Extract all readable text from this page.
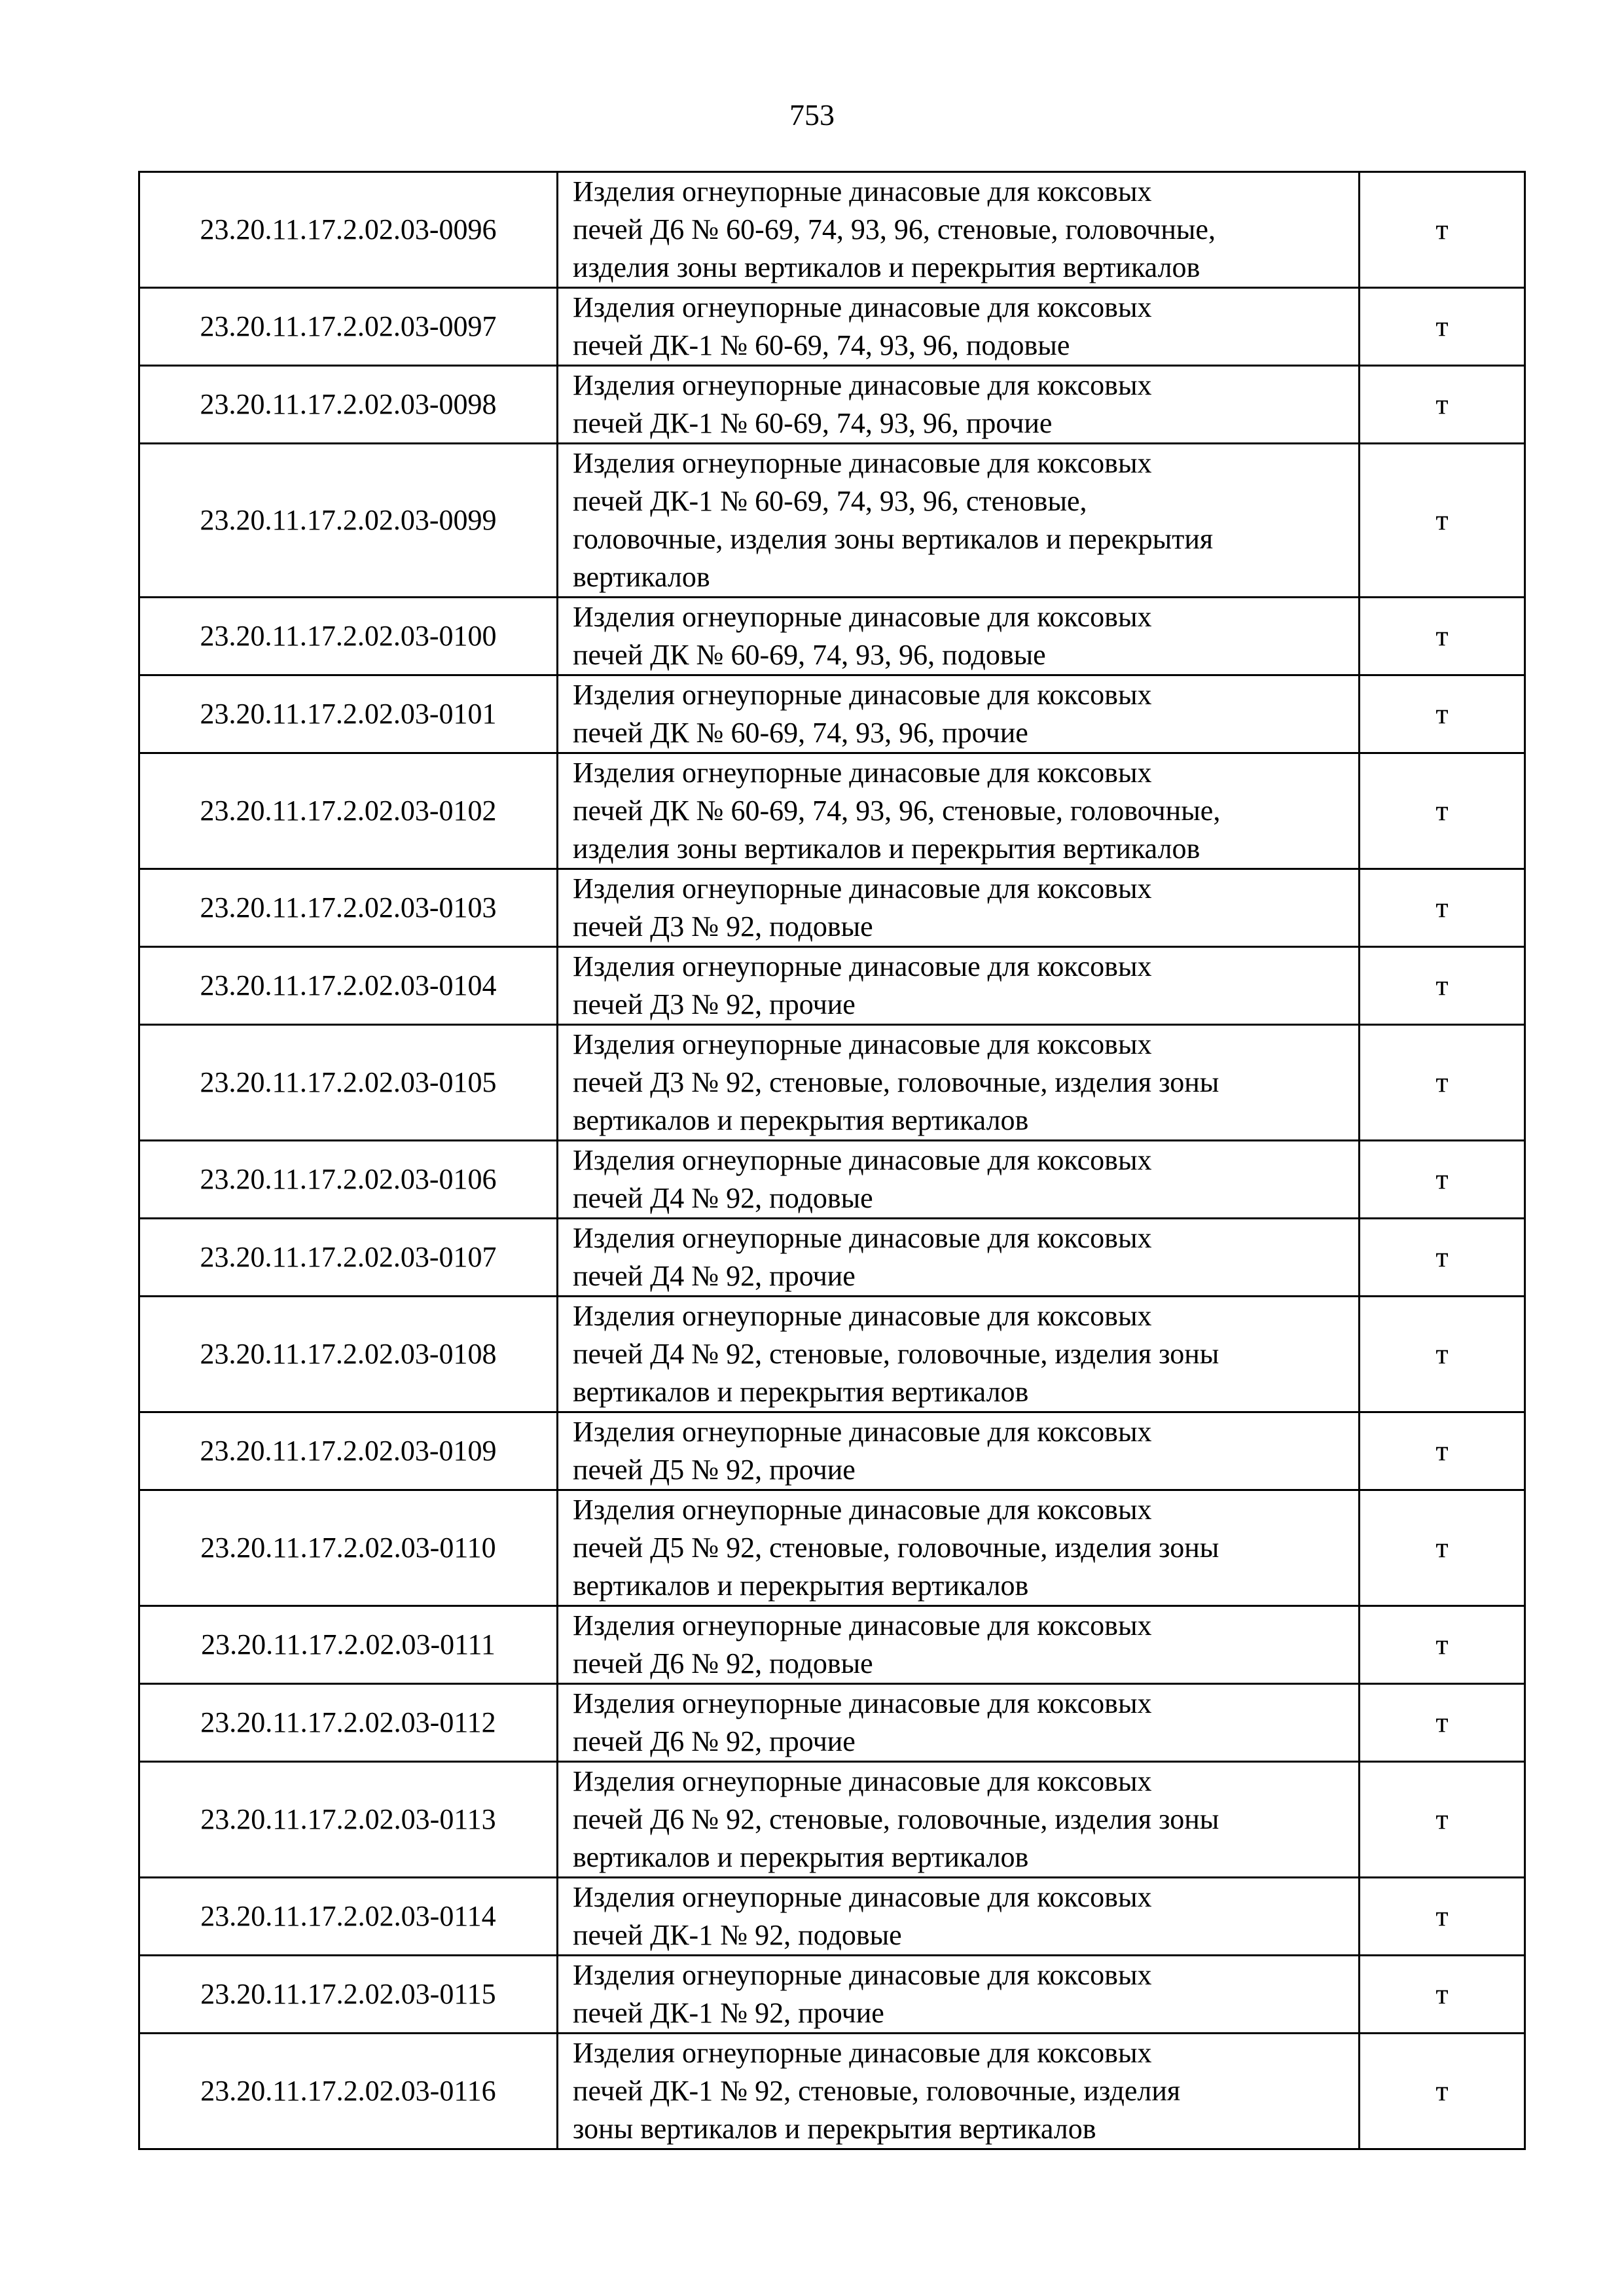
753
23.20.11.17.2.02.03-0096	Изделия огнеупорные динасовые для коксовых
печей Д6 № 60-69, 74, 93, 96, стеновые, головочные,
изделия зоны вертикалов и перекрытия вертикалов	т
23.20.11.17.2.02.03-0097	Изделия огнеупорные динасовые для коксовых
печей ДК-1 № 60-69, 74, 93, 96, подовые	т
23.20.11.17.2.02.03-0098	Изделия огнеупорные динасовые для коксовых
печей ДК-1 № 60-69, 74, 93, 96, прочие	т
23.20.11.17.2.02.03-0099	Изделия огнеупорные динасовые для коксовых
печей ДК-1 № 60-69, 74, 93, 96, стеновые,
головочные, изделия зоны вертикалов и перекрытия
вертикалов	т
23.20.11.17.2.02.03-0100	Изделия огнеупорные динасовые для коксовых
печей ДК № 60-69, 74, 93, 96, подовые	т
23.20.11.17.2.02.03-0101	Изделия огнеупорные динасовые для коксовых
печей ДК № 60-69, 74, 93, 96, прочие	т
23.20.11.17.2.02.03-0102	Изделия огнеупорные динасовые для коксовых
печей ДК № 60-69, 74, 93, 96, стеновые, головочные,
изделия зоны вертикалов и перекрытия вертикалов	т
23.20.11.17.2.02.03-0103	Изделия огнеупорные динасовые для коксовых
печей Д3 № 92, подовые	т
23.20.11.17.2.02.03-0104	Изделия огнеупорные динасовые для коксовых
печей Д3 № 92, прочие	т
23.20.11.17.2.02.03-0105	Изделия огнеупорные динасовые для коксовых
печей Д3 № 92, стеновые, головочные, изделия зоны
вертикалов и перекрытия вертикалов	т
23.20.11.17.2.02.03-0106	Изделия огнеупорные динасовые для коксовых
печей Д4 № 92, подовые	т
23.20.11.17.2.02.03-0107	Изделия огнеупорные динасовые для коксовых
печей Д4 № 92, прочие	т
23.20.11.17.2.02.03-0108	Изделия огнеупорные динасовые для коксовых
печей Д4 № 92, стеновые, головочные, изделия зоны
вертикалов и перекрытия вертикалов	т
23.20.11.17.2.02.03-0109	Изделия огнеупорные динасовые для коксовых
печей Д5 № 92, прочие	т
23.20.11.17.2.02.03-0110	Изделия огнеупорные динасовые для коксовых
печей Д5 № 92, стеновые, головочные, изделия зоны
вертикалов и перекрытия вертикалов	т
23.20.11.17.2.02.03-0111	Изделия огнеупорные динасовые для коксовых
печей Д6 № 92, подовые	т
23.20.11.17.2.02.03-0112	Изделия огнеупорные динасовые для коксовых
печей Д6 № 92, прочие	т
23.20.11.17.2.02.03-0113	Изделия огнеупорные динасовые для коксовых
печей Д6 № 92, стеновые, головочные, изделия зоны
вертикалов и перекрытия вертикалов	т
23.20.11.17.2.02.03-0114	Изделия огнеупорные динасовые для коксовых
печей ДК-1 № 92, подовые	т
23.20.11.17.2.02.03-0115	Изделия огнеупорные динасовые для коксовых
печей ДК-1 № 92, прочие	т
23.20.11.17.2.02.03-0116	Изделия огнеупорные динасовые для коксовых
печей ДК-1 № 92, стеновые, головочные, изделия
зоны вертикалов и перекрытия вертикалов	т
